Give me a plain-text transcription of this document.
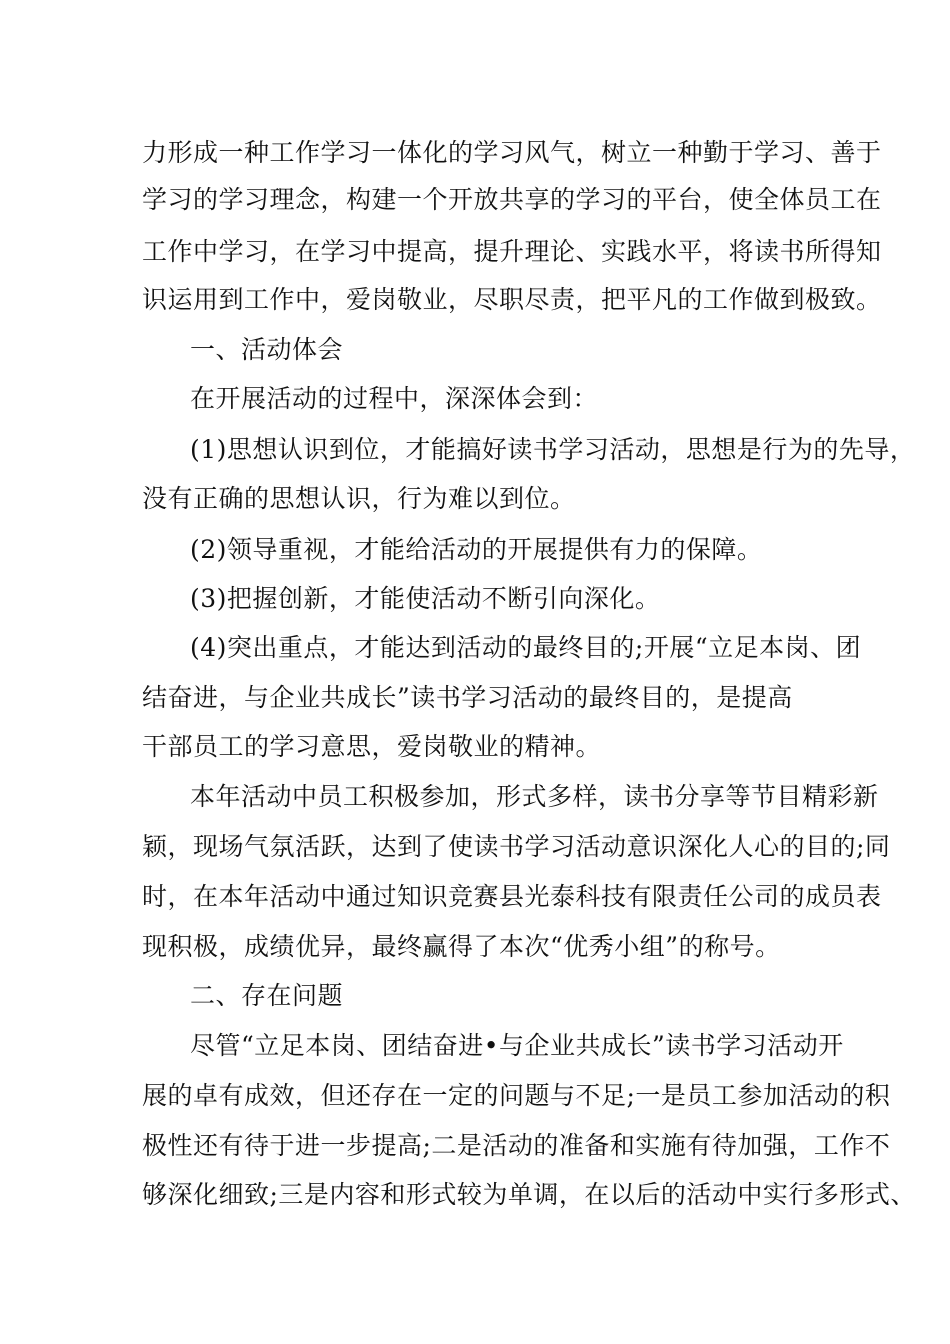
力形成一种工作学习一体化的学习风气，树立一种勤于学习、善于
学习的学习理念，构建一个开放共享的学习的平台，使全体员工在
工作中学习，在学习中提高，提升理论、实践水平，将读书所得知
识运用到工作中，爱岗敬业，尽职尽责，把平凡的工作做到极致。
一、活动体会
在开展活动的过程中，深深体会到：
(1)思想认识到位，才能搞好读书学习活动，思想是行为的先导，
没有正确的思想认识，行为难以到位。
(2)领导重视，才能给活动的开展提供有力的保障。
(3)把握创新，才能使活动不断引向深化。
(4)突出重点，才能达到活动的最终目的;开展“立足本岗、团
结奋进，与企业共成长”读书学习活动的最终目的，是提高
干部员工的学习意思，爱岗敬业的精神。
本年活动中员工积极参加，形式多样，读书分享等节目精彩新
颖，现场气氛活跃，达到了使读书学习活动意识深化人心的目的;同
时，在本年活动中通过知识竞赛县光泰科技有限责任公司的成员表
现积极，成绩优异，最终赢得了本次“优秀小组”的称号。
二、存在问题
尽管“立足本岗、团结奋进•与企业共成长”读书学习活动开
展的卓有成效，但还存在一定的问题与不足;一是员工参加活动的积
极性还有待于进一步提高;二是活动的准备和实施有待加强，工作不
够深化细致;三是内容和形式较为单调，在以后的活动中实行多形式、
